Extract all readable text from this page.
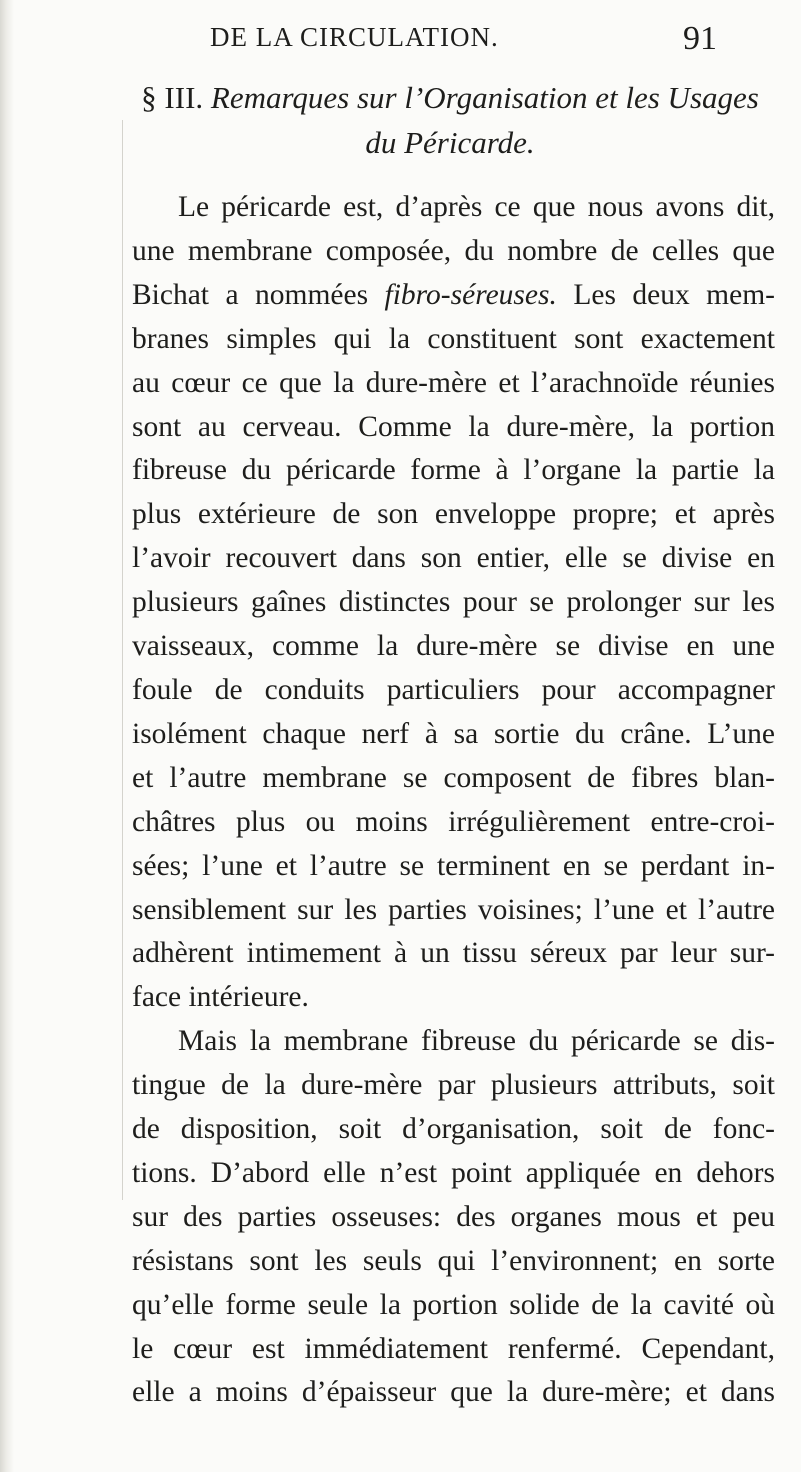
DE LA CIRCULATION.	91
§ III. Remarques sur l’Organisation et les Usages
du Péricarde.
Le péricarde est, d’après ce que nous avons dit,
une membrane composée, du nombre de celles que
Bichat a nommées fibro-séreuses. Les deux mem-
branes simples qui la constituent sont exactement
au cœur ce que la dure-mère et l’arachnoïde réunies
sont au cerveau. Comme la dure-mère, la portion
fibreuse du péricarde forme à l’organe la partie la
plus extérieure de son enveloppe propre; et après
l’avoir recouvert dans son entier, elle se divise en
plusieurs gaînes distinctes pour se prolonger sur les
vaisseaux, comme la dure-mère se divise en une
foule de conduits particuliers pour accompagner
isolément chaque nerf à sa sortie du crâne. L’une
et l’autre membrane se composent de fibres blan-
châtres plus ou moins irrégulièrement entre-croi-
sées; l’une et l’autre se terminent en se perdant in-
sensiblement sur les parties voisines; l’une et l’autre
adhèrent intimement à un tissu séreux par leur sur-
face intérieure.
Mais la membrane fibreuse du péricarde se dis-
tingue de la dure-mère par plusieurs attributs, soit
de disposition, soit d’organisation, soit de fonc-
tions. D’abord elle n’est point appliquée en dehors
sur des parties osseuses: des organes mous et peu
résistans sont les seuls qui l’environnent; en sorte
qu’elle forme seule la portion solide de la cavité où
le cœur est immédiatement renfermé. Cependant,
elle a moins d’épaisseur que la dure-mère; et dans
